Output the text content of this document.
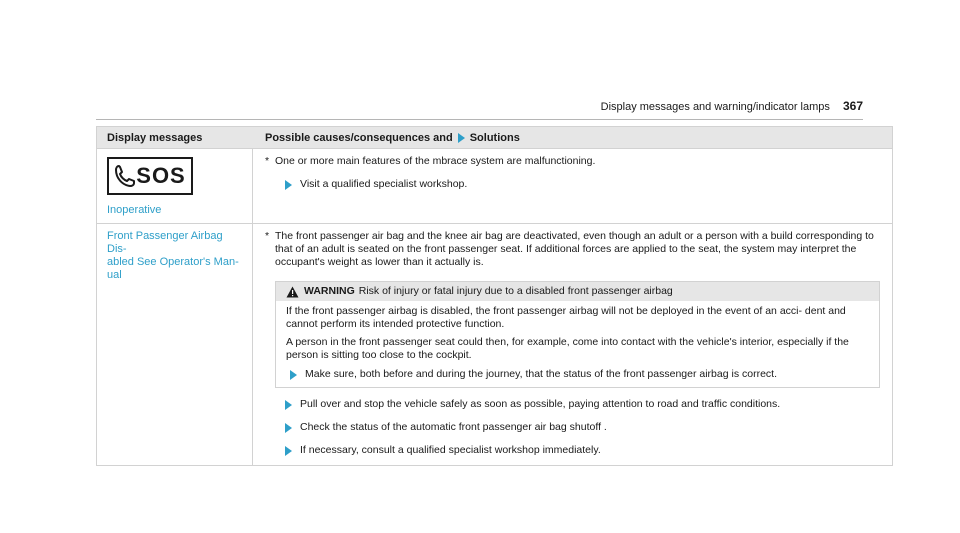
Display messages and warning/indicator lamps 367
Display messages	Possible causes/consequences and Solutions
SOS
Inoperative
* One or more main features of the mbrace system are malfunctioning.
Visit a qualified specialist workshop.
Front Passenger Airbag Dis-
abled See Operator's Man-
ual
* The front passenger air bag and the knee air bag are deactivated, even though an adult or a person with a build corresponding to that of an adult is seated on the front passenger seat. If additional forces are applied to the seat, the system may interpret the occupant's weight as lower than it actually is.
WARNING Risk of injury or fatal injury due to a disabled front passenger airbag

If the front passenger airbag is disabled, the front passenger airbag will not be deployed in the event of an acci- dent and cannot perform its intended protective function.

A person in the front passenger seat could then, for example, come into contact with the vehicle's interior, especially if the person is sitting too close to the cockpit.

Make sure, both before and during the journey, that the status of the front passenger airbag is correct.
Pull over and stop the vehicle safely as soon as possible, paying attention to road and traffic conditions.
Check the status of the automatic front passenger air bag shutoff .
If necessary, consult a qualified specialist workshop immediately.
